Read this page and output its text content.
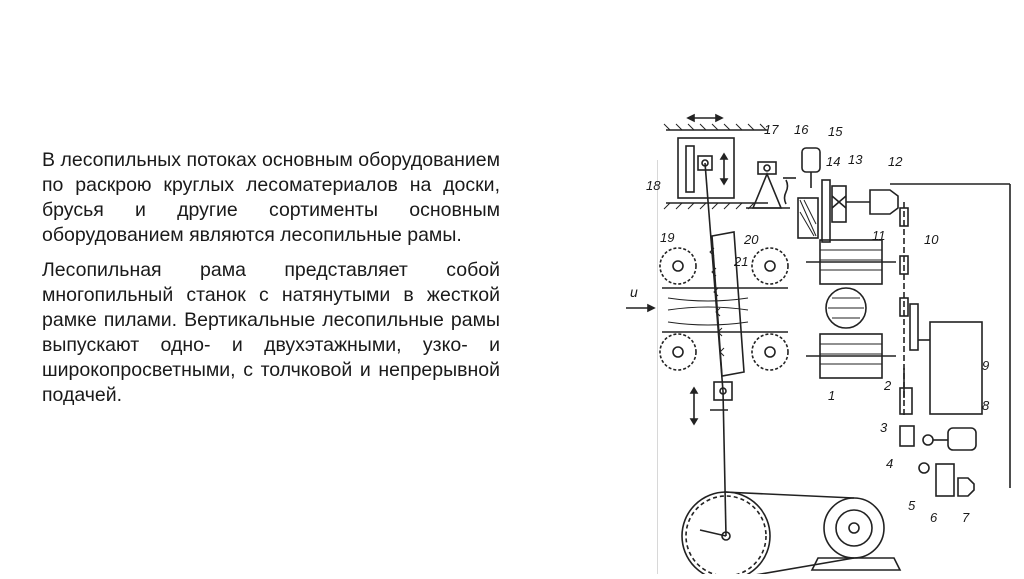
В лесопильных потоках основным оборудованием по раскрою круглых лесоматериалов на доски, брусья и другие сортименты основным оборудованием являются лесопильные рамы.

Лесопильная рама представляет собой многопильный станок с натянутыми в жесткой рамке пилами. Вертикальные лесопильные рамы выпускают одно- и двухэтажными, узко- и широкопросветными, с толчковой и непрерывной подачей.

17 16 15
14 13 12
18
19	20
21
11	10
u
9
2
1
8
3
4
5
6 7
